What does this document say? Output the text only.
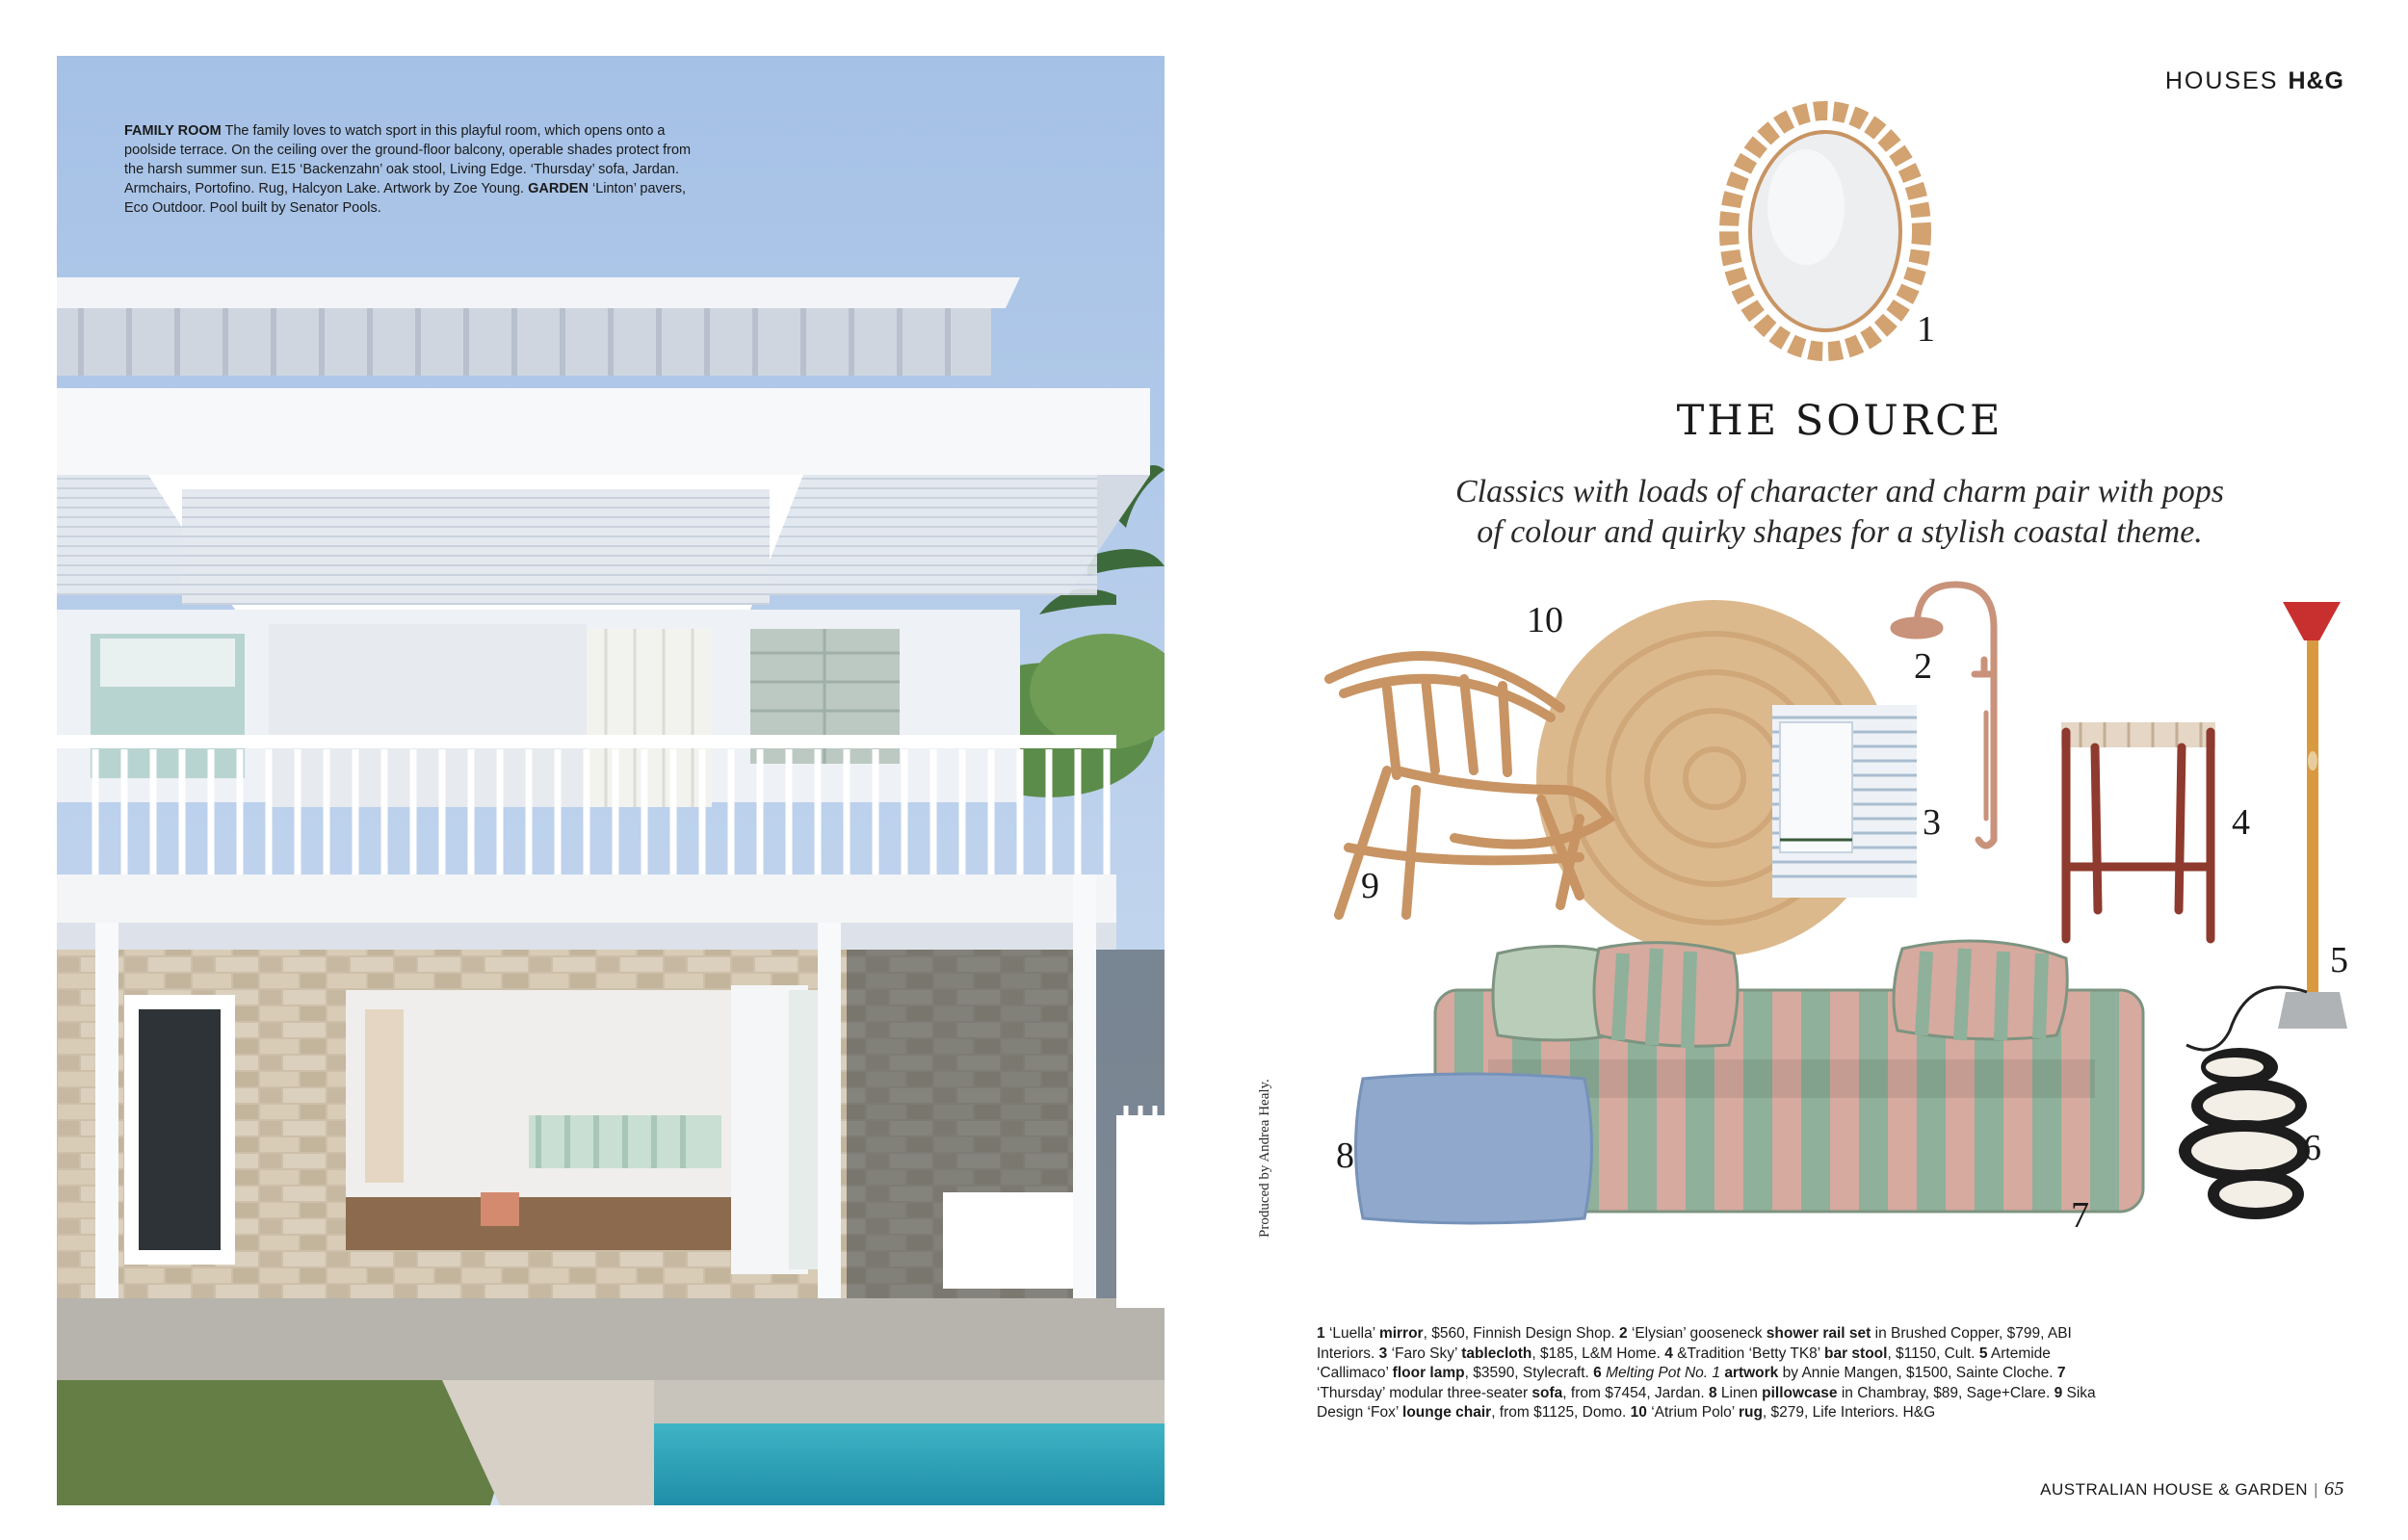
FAMILY ROOM The family loves to watch sport in this playful room, which opens onto a poolside terrace. On the ceiling over the ground-floor balcony, operable shades protect from the harsh summer sun. E15 ‘Backenzahn’ oak stool, Living Edge. ‘Thursday’ sofa, Jardan. Armchairs, Portofino. Rug, Halcyon Lake. Artwork by Zoe Young. GARDEN ‘Linton’ pavers, Eco Outdoor. Pool built by Senator Pools.
HOUSES H&G
THE SOURCE
Classics with loads of character and charm pair with pops
of colour and quirky shapes for a stylish coastal theme.
1
10
2
3	4
9
5
6
8
7
Produced by Andrea Healy.
1 ‘Luella’ mirror, $560, Finnish Design Shop. 2 ‘Elysian’ gooseneck shower rail set in Brushed Copper, $799, ABI Interiors. 3 ‘Faro Sky’ tablecloth, $185, L&M Home. 4 &Tradition ‘Betty TK8’ bar stool, $1150, Cult. 5 Artemide ‘Callimaco’ floor lamp, $3590, Stylecraft. 6 Melting Pot No. 1 artwork by Annie Mangen, $1500, Sainte Cloche. 7 ‘Thursday’ modular three-seater sofa, from $7454, Jardan. 8 Linen pillowcase in Chambray, $89, Sage+Clare. 9 Sika Design ‘Fox’ lounge chair, from $1125, Domo. 10 ‘Atrium Polo’ rug, $279, Life Interiors. H&G
AUSTRALIAN HOUSE & GARDEN | 65
